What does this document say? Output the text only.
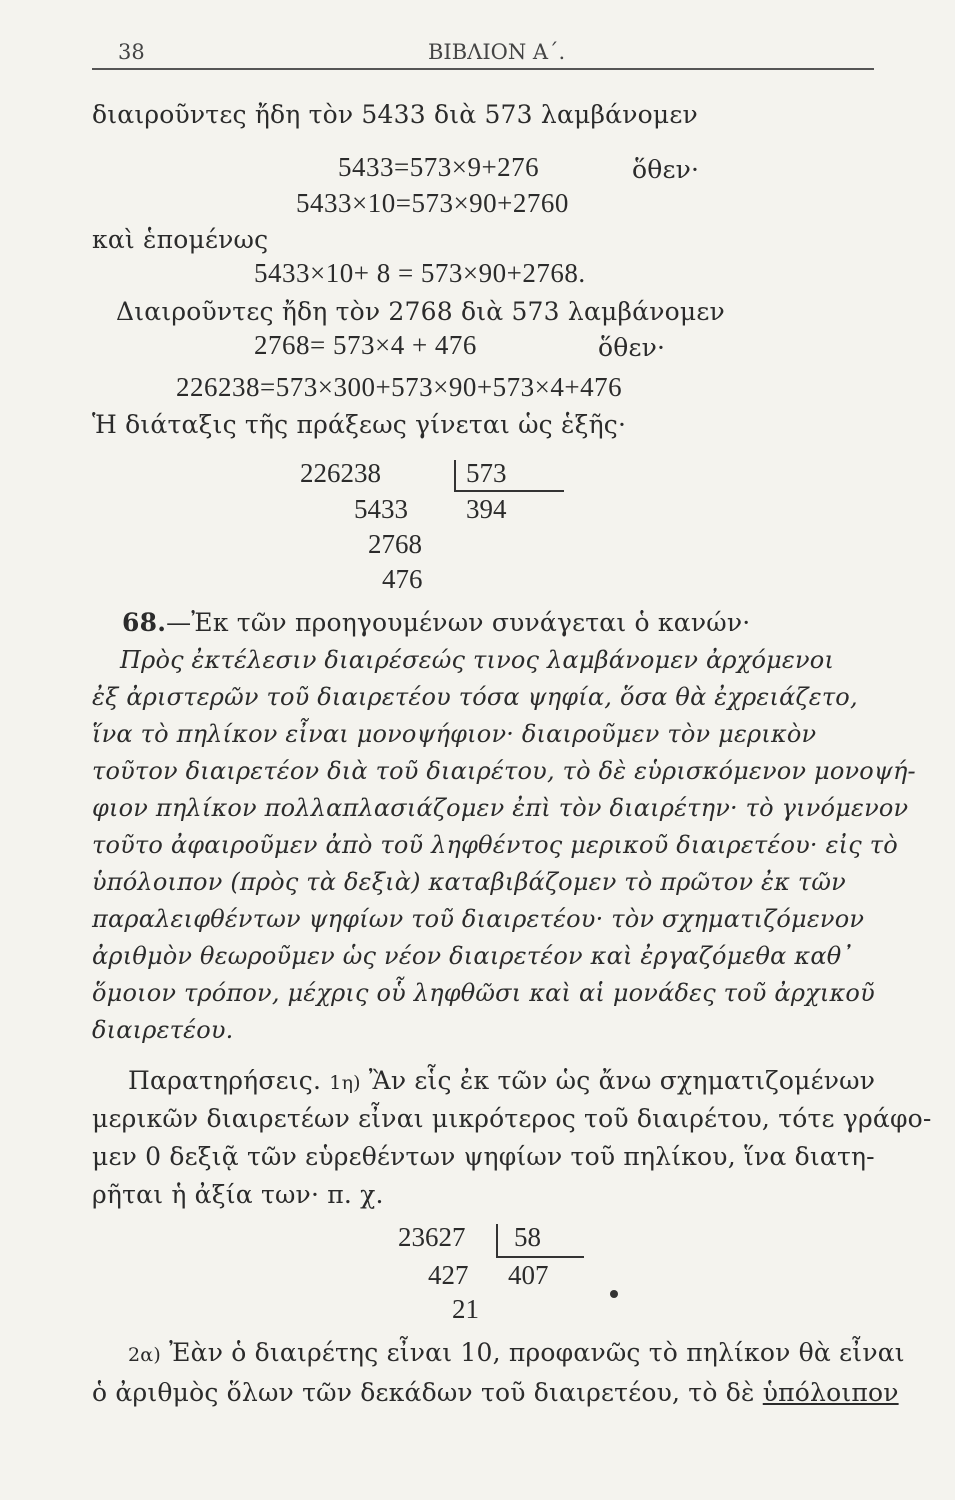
38	ΒΙΒΛΙΟΝ Α΄.
διαιροῦντες ἤδη τὸν 5433 διὰ 573 λαμβάνομεν
5433=573×9+276	ὅθεν·
5433×10=573×90+2760
καὶ ἑπομένως
5433×10+ 8 = 573×90+2768.
Διαιροῦντες ἤδη τὸν 2768 διὰ 573 λαμβάνομεν
2768= 573×4 + 476	ὅθεν·
226238=573×300+573×90+573×4+476
Ἡ διάταξις τῆς πράξεως γίνεται ὡς ἑξῆς·
226238	573
5433 394
2768
476
68.—Ἐκ τῶν προηγουμένων συνάγεται ὁ κανών·
Πρὸς ἐκτέλεσιν διαιρέσεώς τινος λαμβάνομεν ἀρχόμενοι
ἐξ ἀριστερῶν τοῦ διαιρετέου τόσα ψηφία, ὅσα θὰ ἐχρειάζετο,
ἵνα τὸ πηλίκον εἶναι μονοψήφιον· διαιροῦμεν τὸν μερικὸν
τοῦτον διαιρετέον διὰ τοῦ διαιρέτου, τὸ δὲ εὑρισκόμενον μονοψή-
φιον πηλίκον πολλαπλασιάζομεν ἐπὶ τὸν διαιρέτην· τὸ γινόμενον
τοῦτο ἀφαιροῦμεν ἀπὸ τοῦ ληφθέντος μερικοῦ διαιρετέου· εἰς τὸ
ὑπόλοιπον (πρὸς τὰ δεξιὰ) καταβιβάζομεν τὸ πρῶτον ἐκ τῶν
παραλειφθέντων ψηφίων τοῦ διαιρετέου· τὸν σχηματιζόμενον
ἀριθμὸν θεωροῦμεν ὡς νέον διαιρετέον καὶ ἐργαζόμεθα καθ᾽
ὅμοιον τρόπον, μέχρις οὗ ληφθῶσι καὶ αἱ μονάδες τοῦ ἀρχικοῦ
διαιρετέου.
Παρατηρήσεις. 1η) Ἂν εἷς ἐκ τῶν ὡς ἄνω σχηματιζομένων
μερικῶν διαιρετέων εἶναι μικρότερος τοῦ διαιρέτου, τότε γράφο-
μεν 0 δεξιᾷ τῶν εὑρεθέντων ψηφίων τοῦ πηλίκου, ἵνα διατη-
ρῆται ἡ ἀξία των· π. χ.
23627 58
427 407
21
2α) Ἐὰν ὁ διαιρέτης εἶναι 10, προφανῶς τὸ πηλίκον θὰ εἶναι
ὁ ἀριθμὸς ὅλων τῶν δεκάδων τοῦ διαιρετέου, τὸ δὲ ὑπόλοιπον
